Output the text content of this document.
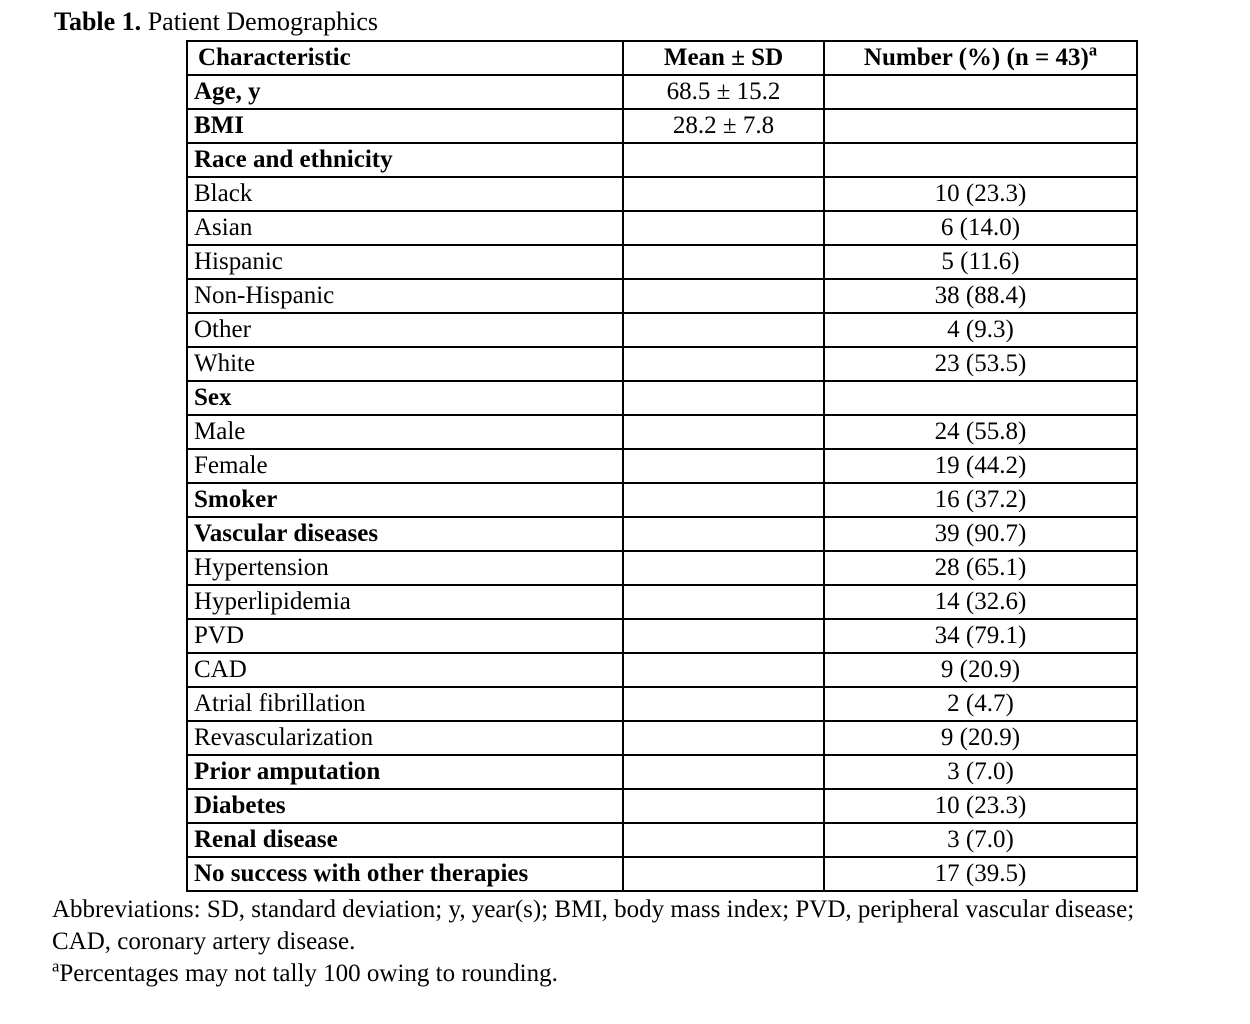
Table 1. Patient Demographics
Characteristic	Mean ± SD	Number (%) (n = 43)$^a$
Age, y	68.5 ± 15.2	
BMI	28.2 ± 7.8	
Race and ethnicity		
Black		10 (23.3)
Asian		6 (14.0)
Hispanic		5 (11.6)
Non-Hispanic		38 (88.4)
Other		4 (9.3)
White		23 (53.5)
Sex		
Male		24 (55.8)
Female		19 (44.2)
Smoker		16 (37.2)
Vascular diseases		39 (90.7)
Hypertension		28 (65.1)
Hyperlipidemia		14 (32.6)
PVD		34 (79.1)
CAD		9 (20.9)
Atrial fibrillation		2 (4.7)
Revascularization		9 (20.9)
Prior amputation		3 (7.0)
Diabetes		10 (23.3)
Renal disease		3 (7.0)
No success with other therapies		17 (39.5)

Abbreviations: SD, standard deviation; y, year(s); BMI, body mass index; PVD, peripheral vascular disease; CAD, coronary artery disease.

$^a$Percentages may not tally 100 owing to rounding.
